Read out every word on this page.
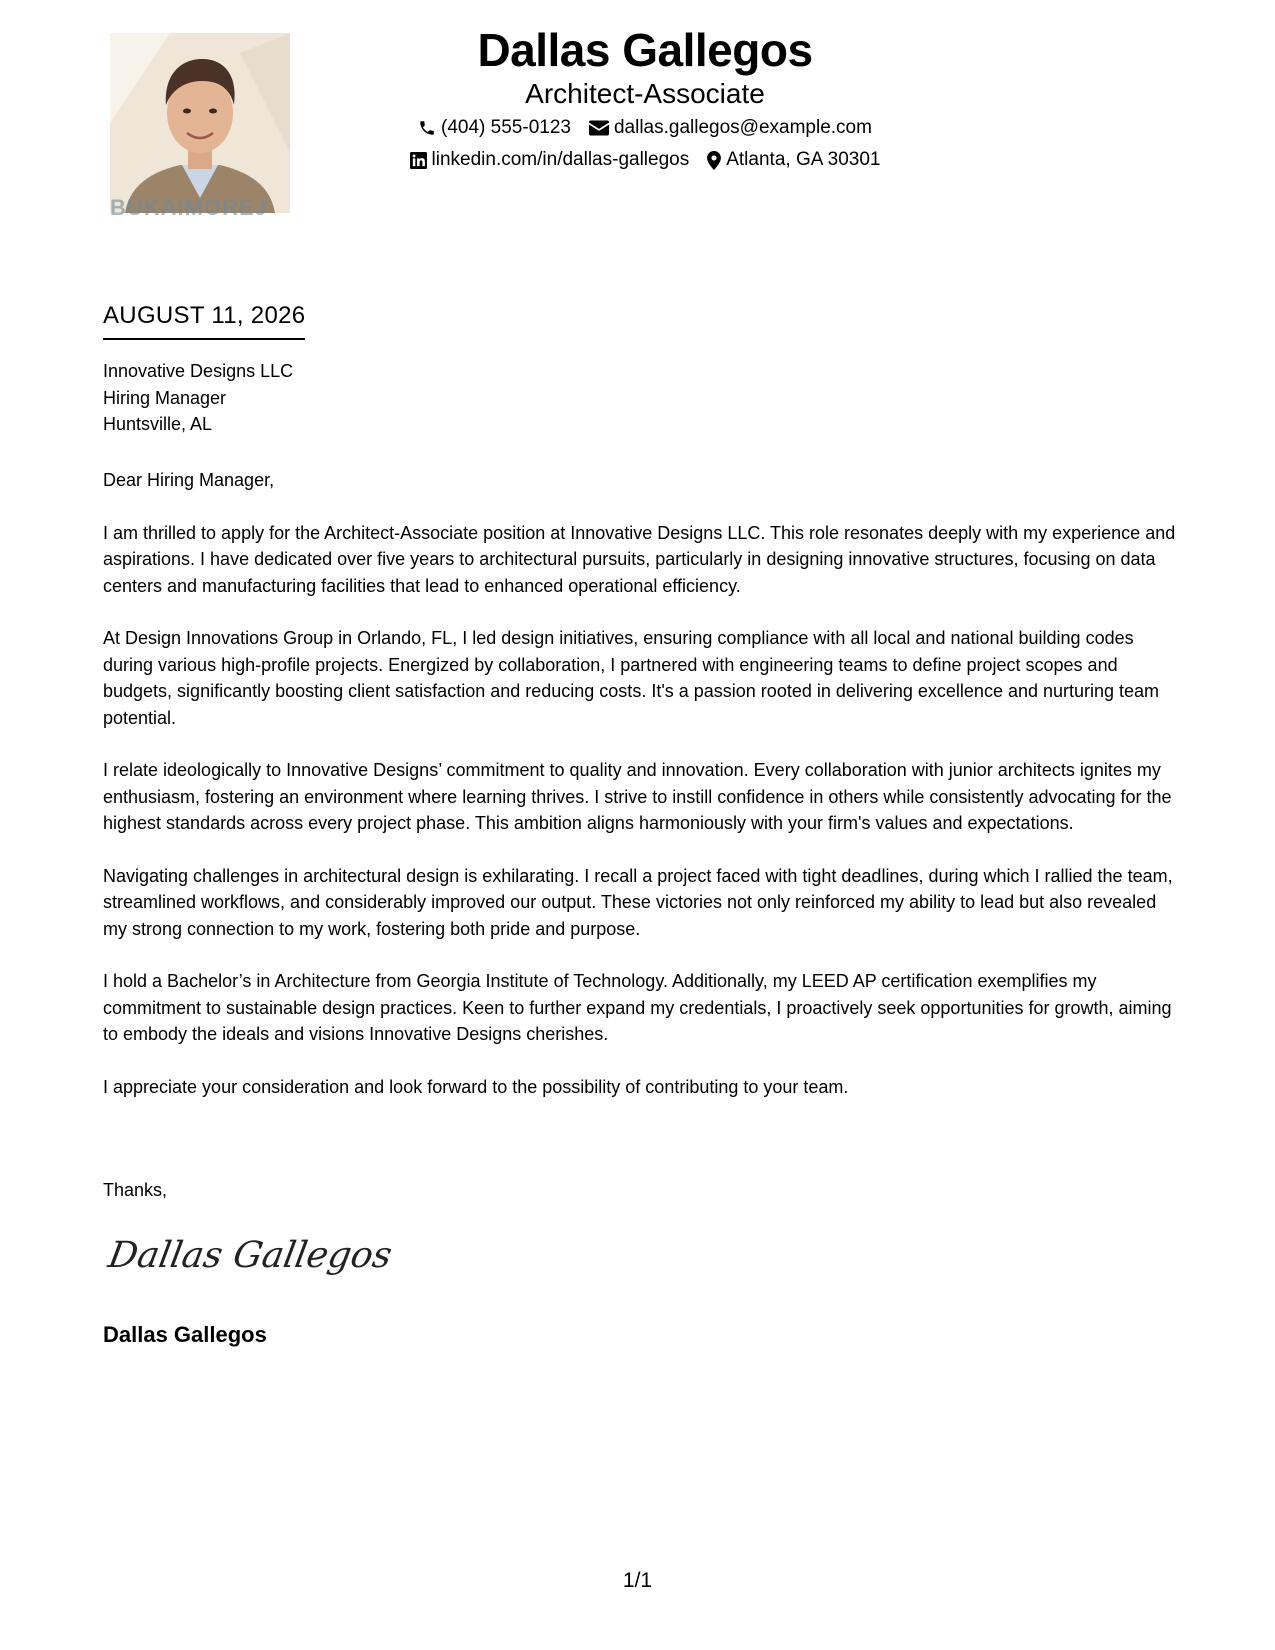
BUKAIMOREJ
Dallas Gallegos
Architect-Associate
(404) 555-0123 dallas.gallegos@example.com
linkedin.com/in/dallas-gallegos Atlanta, GA 30301
AUGUST 11, 2026
Innovative Designs LLC
Hiring Manager
Huntsville, AL

Dear Hiring Manager,

I am thrilled to apply for the Architect-Associate position at Innovative Designs LLC. This role resonates deeply with my experience and aspirations. I have dedicated over five years to architectural pursuits, particularly in designing innovative structures, focusing on data centers and manufacturing facilities that lead to enhanced operational efficiency.

At Design Innovations Group in Orlando, FL, I led design initiatives, ensuring compliance with all local and national building codes during various high-profile projects. Energized by collaboration, I partnered with engineering teams to define project scopes and budgets, significantly boosting client satisfaction and reducing costs. It's a passion rooted in delivering excellence and nurturing team potential.

I relate ideologically to Innovative Designs’ commitment to quality and innovation. Every collaboration with junior architects ignites my enthusiasm, fostering an environment where learning thrives. I strive to instill confidence in others while consistently advocating for the highest standards across every project phase. This ambition aligns harmoniously with your firm's values and expectations.

Navigating challenges in architectural design is exhilarating. I recall a project faced with tight deadlines, during which I rallied the team, streamlined workflows, and considerably improved our output. These victories not only reinforced my ability to lead but also revealed my strong connection to my work, fostering both pride and purpose.

I hold a Bachelor’s in Architecture from Georgia Institute of Technology. Additionally, my LEED AP certification exemplifies my commitment to sustainable design practices. Keen to further expand my credentials, I proactively seek opportunities for growth, aiming to embody the ideals and visions Innovative Designs cherishes.

I appreciate your consideration and look forward to the possibility of contributing to your team.

Thanks,
Dallas Gallegos
Dallas Gallegos
1/1
